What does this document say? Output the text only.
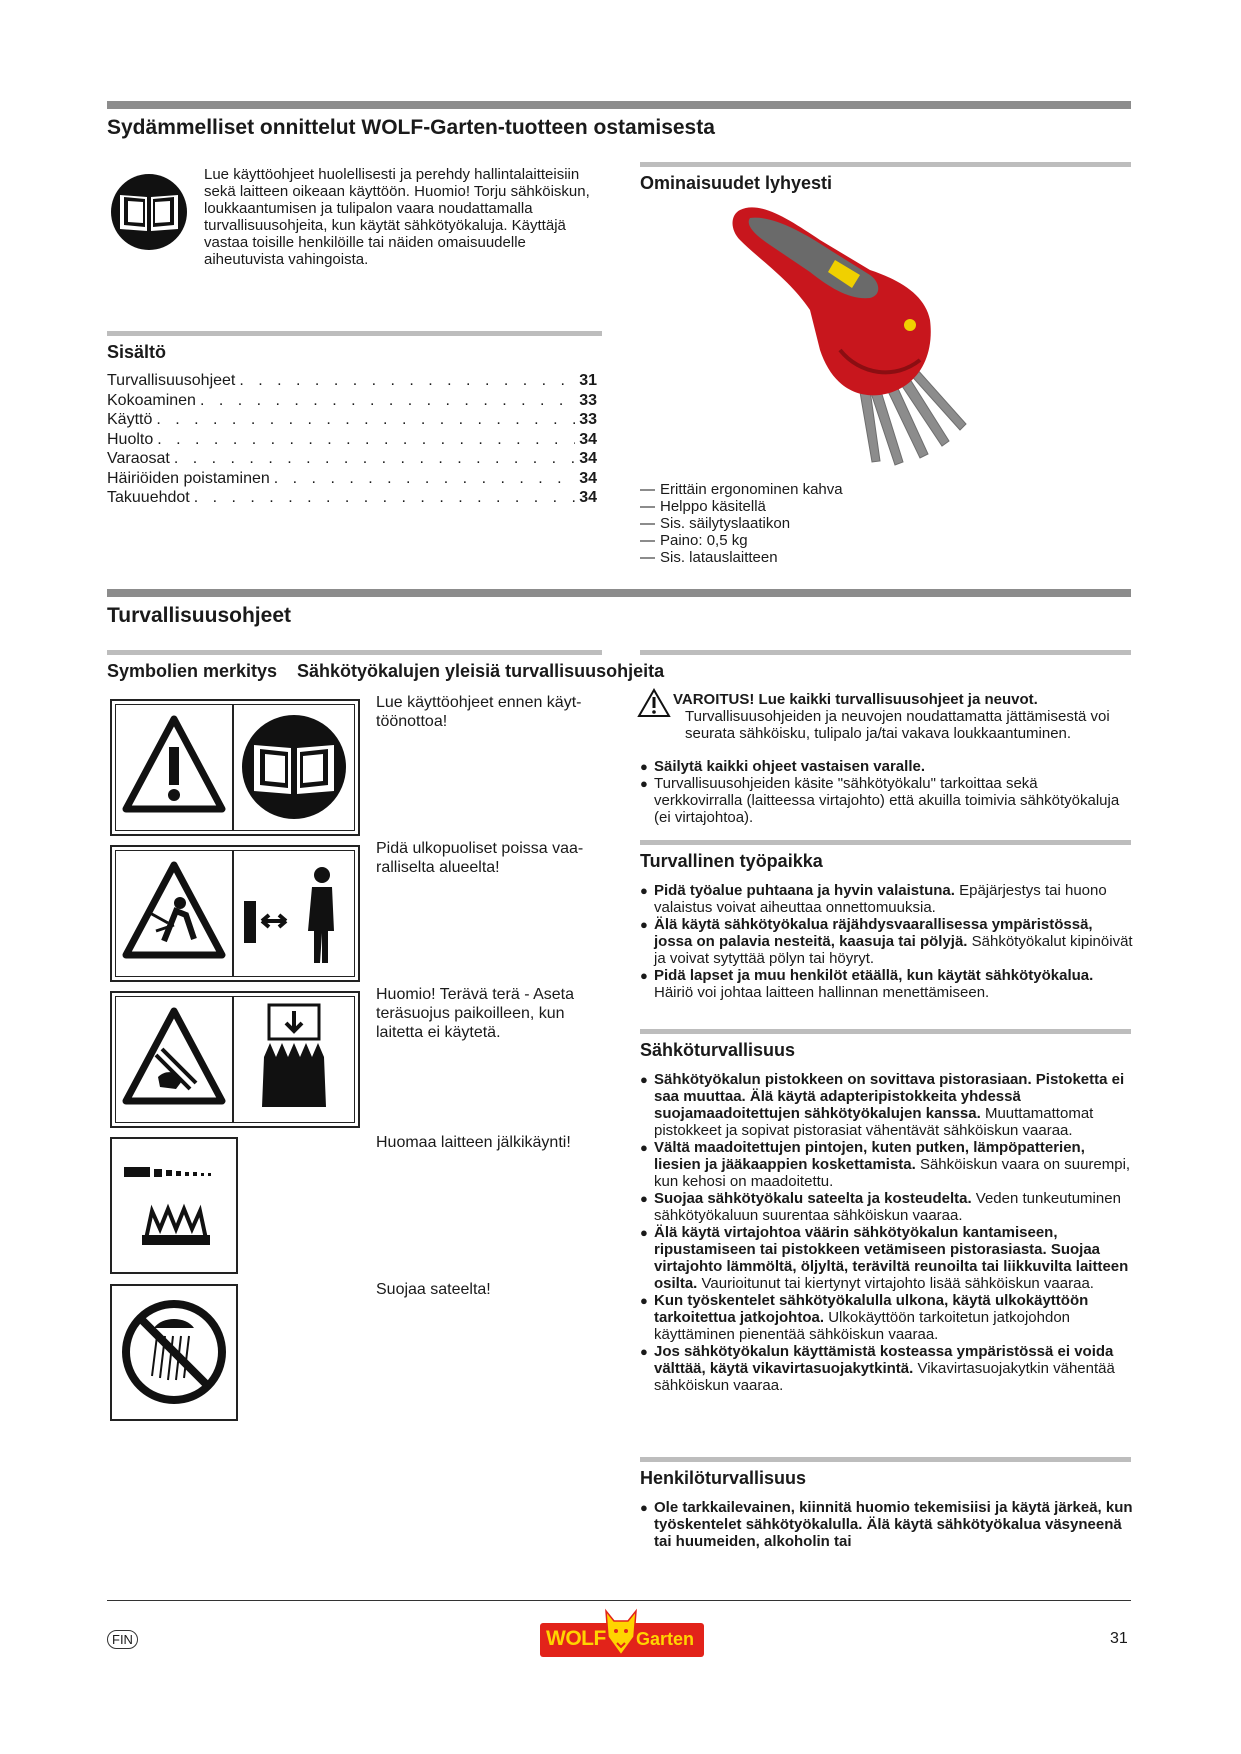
Sydämmelliset onnittelut WOLF-Garten-tuotteen ostamisesta
Lue käyttöohjeet huolellisesti ja perehdy hallintalaitteisiin sekä laitteen oikeaan käyttöön. Huomio! Torju sähköiskun, loukkaantumisen ja tulipalon vaara noudattamalla turvallisuusohjeita, kun käytät sähkötyökaluja. Käyttäjä vastaa toisille henkilöille tai näiden omaisuudelle aiheutuvista vahingoista.
Ominaisuudet lyhyesti
— Erittäin ergonominen kahva
— Helppo käsitellä
— Sis. säilytyslaatikon
— Paino: 0,5 kg
— Sis. latauslaitteen
Sisältö
Turvallisuusohjeet . . .	31
Kokoaminen . . .	33
Käyttö . . .	33
Huolto . . .	34
Varaosat . . .	34
Häiriöiden poistaminen . . .	34
Takuuehdot . . .	34
Turvallisuusohjeet
Symbolien merkitys Sähkötyökalujen yleisiä turvallisuusohjeita
Lue käyttöohjeet ennen käyt-töönottoa!
Pidä ulkopuoliset poissa vaa-ralliselta alueelta!
Huomio! Terävä terä - Aseta teräsuojus paikoilleen, kun laitetta ei käytetä.
Huomaa laitteen jälkikäynti!
Suojaa sateelta!
VAROITUS! Lue kaikki turvallisuusohjeet ja neuvot.
Turvallisuusohjeiden ja neuvojen noudattamatta jättämisestä voi seurata sähköisku, tulipalo ja/tai vakava loukkaantuminen.
● Säilytä kaikki ohjeet vastaisen varalle.
● Turvallisuusohjeiden käsite "sähkötyökalu" tarkoittaa sekä verkkovirralla (laitteessa virtajohto) että akuilla toimivia sähkötyökaluja (ei virtajohtoa).
Turvallinen työpaikka
● Pidä työalue puhtaana ja hyvin valaistuna. Epäjärjestys tai huono valaistus voivat aiheuttaa onnettomuuksia.
● Älä käytä sähkötyökalua räjähdysvaarallisessa ympäristössä, jossa on palavia nesteitä, kaasuja tai pölyjä. Sähkötyökalut kipinöivät ja voivat sytyttää pölyn tai höyryt.
● Pidä lapset ja muu henkilöt etäällä, kun käytät sähkötyökalua. Häiriö voi johtaa laitteen hallinnan menettämiseen.
Sähköturvallisuus
● Sähkötyökalun pistokkeen on sovittava pistorasiaan. Pistoketta ei saa muuttaa. Älä käytä adapteripistokkeita yhdessä suojamaadoitettujen sähkötyökalujen kanssa. Muuttamattomat pistokkeet ja sopivat pistorasiat vähentävät sähköiskun vaaraa.
● Vältä maadoitettujen pintojen, kuten putken, lämpöpatterien, liesien ja jääkaappien koskettamista. Sähköiskun vaara on suurempi, kun kehosi on maadoitettu.
● Suojaa sähkötyökalu sateelta ja kosteudelta. Veden tunkeutuminen sähkötyökaluun suurentaa sähköiskun vaaraa.
● Älä käytä virtajohtoa väärin sähkötyökalun kantamiseen, ripustamiseen tai pistokkeen vetämiseen pistorasiasta. Suojaa virtajohto lämmöltä, öljyltä, teräviltä reunoilta tai liikkuvilta laitteen osilta. Vaurioitunut tai kiertynyt virtajohto lisää sähköiskun vaaraa.
● Kun työskentelet sähkötyökalulla ulkona, käytä ulkokäyttöön tarkoitettua jatkojohtoa. Ulkokäyttöön tarkoitetun jatkojohdon käyttäminen pienentää sähköiskun vaaraa.
● Jos sähkötyökalun käyttämistä kosteassa ympäristössä ei voida välttää, käytä vikavirtasuojakytkintä. Vikavirtasuojakytkin vähentää sähköiskun vaaraa.
Henkilöturvallisuus
● Ole tarkkailevainen, kiinnitä huomio tekemisiisi ja käytä järkeä, kun työskentelet sähkötyökalulla. Älä käytä sähkötyökalua väsyneenä tai huumeiden, alkoholin tai
FIN	WOLF Garten	31
